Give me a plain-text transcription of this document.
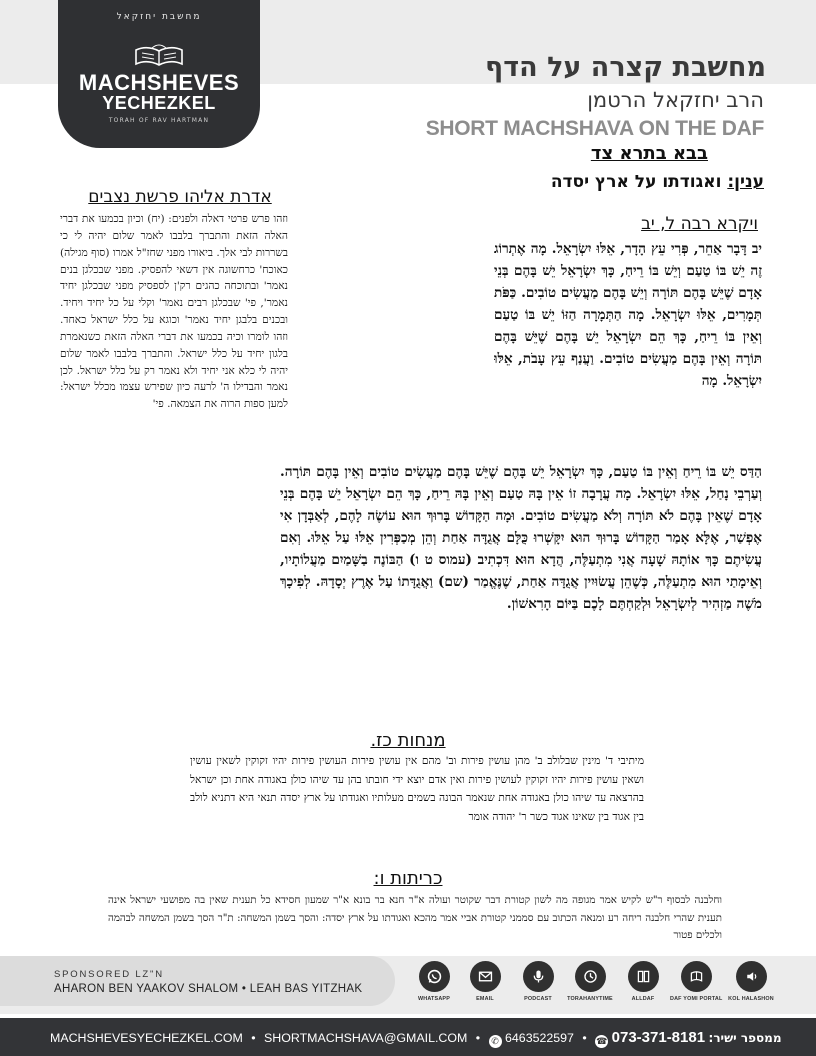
מחשבת יחזקאל
MACHSHEVES
YECHEZKEL
TORAH OF RAV HARTMAN
מחשבת קצרה על הדף
הרב יחזקאל הרטמן
SHORT MACHSHAVA ON THE DAF
בבא בתרא צד
ענין: ואגודתו על ארץ יסדה
אדרת אליהו פרשת נצבים
וזהו פרש פרטי דאלה ולפנים: (יח) וכיון בכמעו את דברי האלה הזאת והתברך בלבבו לאמר שלום יהיה לי כי בשררות לבי אלך. ביאורו מפני שחז"ל אמרו (סוף מגילה) כאוכח' כרחשוגה אין דשאי להפסיק. מפני שבכלגן בנים נאמר' ובתוכחה כהגים רק'ן לספסיק מפני שבכלגן יחיד נאמר', פי' שבכלגן רבים נאמר' וקלי על כל יחיד ויחיד. ובכנים בלבגן יחיד נאמר' וכוגא על כלל ישראל כאחד. וזהו לומרו וכיה בכמעו את דברי האלה הזאת כשנאמרת בלגון יחיד על כלל ישראל. והתברך בלבבו לאמר שלום יהיה לי כלא אני יחיד ולא נאמר רק על כלל ישראל. לכן נאמר והבדילו ה' לרעה כיון שפירש עצמו מכלל ישראל: למען ספות הרוה את הצמאה. פי'
ויקרא רבה ל, יב
יב דָּבָר אַחֵר, פְּרִי עֵץ הָדָר, אֵלּוּ יִשְׂרָאֵל. מָה אֶתְרוֹג זֶה יֵשׁ בּוֹ טַעַם וְיֵשׁ בּוֹ רֵיחַ, כָּךְ יִשְׂרָאֵל יֵשׁ בָּהֶם בְּנֵי אָדָם שֶׁיֵּשׁ בָּהֶם תּוֹרָה וְיֵשׁ בָּהֶם מַעֲשִׂים טוֹבִים. כַּפֹּת תְּמָרִים, אֵלּוּ יִשְׂרָאֵל. מָה הַתְּמָרָה הַזּוֹ יֵשׁ בּוֹ טַעַם וְאֵין בּוֹ רֵיחַ, כָּךְ הֵם יִשְׂרָאֵל יֵשׁ בָּהֶם שֶׁיֵּשׁ בָּהֶם תּוֹרָה וְאֵין בָּהֶם מַעֲשִׂים טוֹבִים. וַעֲנַף עֵץ עָבֹת, אֵלּוּ יִשְׂרָאֵל. מָה
הַדַּס יֵשׁ בּוֹ רֵיחַ וְאֵין בּוֹ טַעַם, כָּךְ יִשְׂרָאֵל יֵשׁ בָּהֶם שֶׁיֵּשׁ בָּהֶם מַעֲשִׂים טוֹבִים וְאֵין בָּהֶם תּוֹרָה. וְעַרְבֵי נָחַל, אֵלּוּ יִשְׂרָאֵל. מָה עֲרָבָה זוֹ אֵין בָּהּ טַעַם וְאֵין בָּהּ רֵיחַ, כָּךְ הֵם יִשְׂרָאֵל יֵשׁ בָּהֶם בְּנֵי אָדָם שֶׁאֵין בָּהֶם לֹא תּוֹרָה וְלֹא מַעֲשִׂים טוֹבִים. וּמָה הַקָּדוֹשׁ בָּרוּךְ הוּא עוֹשֶׂה לָהֶם, לְאַבְּדָן אִי אֶפְשַׁר, אֶלָּא אָמַר הַקָּדוֹשׁ בָּרוּךְ הוּא יִקָּשְׁרוּ כֻּלָּם אֲגֻדָּה אַחַת וְהֵן מְכַפְּרִין אֵלּוּ עַל אֵלּוּ. וְאִם עֲשִׂיתֶם כָּךְ אוֹתָהּ שָׁעָה אֲנִי מִתְעַלֶּה, הֲדָא הוּא דִּכְתִיב (עמוס ט ו) הַבּוֹנֶה בַשָּׁמַיִם מַעֲלוֹתָיו, וְאֵימָתַי הוּא מִתְעַלֶּה, כְּשֶׁהֵן עֲשׂוּיִין אֲגֻדָּה אַחַת, שֶׁנֶּאֱמַר (שם) וַאֲגֻדָּתוֹ עַל אֶרֶץ יְסָדָהּ. לְפִיכָךְ מֹשֶׁה מַזְהִיר לְיִשְׂרָאֵל וּלְקַחְתֶּם לָכֶם בַּיּוֹם הָרִאשׁוֹן.
מנחות כז.
מיתיבי ד' מינין שבלולב ב' מהן עושין פירות וב' מהם אין עושין פירות העושין פירות יהיו זקוקין לשאין עושין ושאין עושין פירות יהיו זקוקין לעושין פירות ואין אדם יוצא ידי חובתו בהן עד שיהו כולן באגודה אחת וכן ישראל בהרצאה עד שיהו כולן באגודה אחת שנאמר הבונה בשמים מעלותיו ואגודתו על ארץ יסדה תנאי היא דתניא לולב בין אגוד בין שאינו אגוד כשר ר' יהודה אומר
כריתות ו:
וחלבנה לבסוף ר"ש לקיש אמר מגופה מה לשון קטורת דבר שקוטר ועולה א"ר חנא בר בונא א"ר שמעון חסידא כל תענית שאין בה מפושעי ישראל אינה תענית שהרי חלבנה ריחה רע ומנאה הכתוב עם סממני קטורת אביי אמר מהכא ואגודתו על ארץ יסדה: והסך בשמן המשחה: ת"ר הסך בשמן המשחה לבהמה ולכלים פטור
SPONSORED LZ"N
AHARON BEN YAAKOV SHALOM • LEAH BAS YITZHAK
WHATSAPP	EMAIL	PODCAST	TORAHANYTIME	ALLDAF	DAF YOMI PORTAL	KOL HALASHON
MACHSHEVESYECHEZKEL.COM • SHORTMACHSHAVA@GMAIL.COM • ✆ 6463522597 • ☎ 073-371-8181 ממספר ישיר:
